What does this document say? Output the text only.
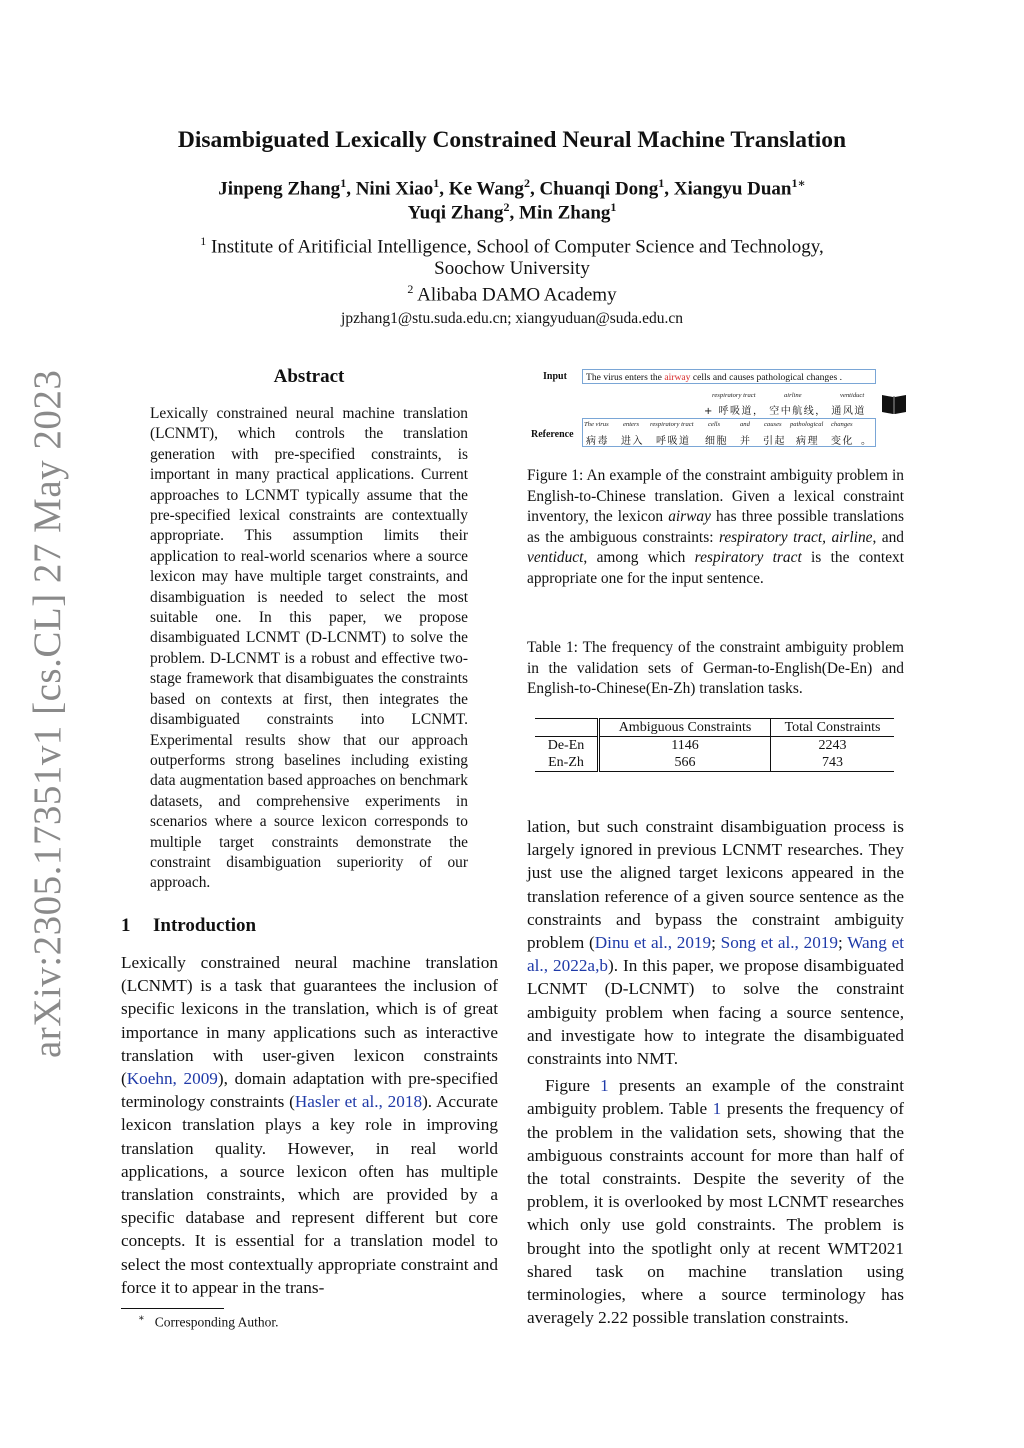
arXiv:2305.17351v1 [cs.CL] 27 May 2023
Disambiguated Lexically Constrained Neural Machine Translation
Jinpeng Zhang$^1$, Nini Xiao$^1$, Ke Wang$^2$, Chuanqi Dong$^1$, Xiangyu Duan$^{1∗}$
Yuqi Zhang$^2$, Min Zhang$^1$
$^1$ Institute of Aritificial Intelligence, School of Computer Science and Technology,
Soochow University
$^2$ Alibaba DAMO Academy
jpzhang1@stu.suda.edu.cn; xiangyuduan@suda.edu.cn
Abstract
Lexically constrained neural machine translation (LCNMT), which controls the translation generation with pre-specified constraints, is important in many practical applications. Current approaches to LCNMT typically assume that the pre-specified lexical constraints are contextually appropriate. This assumption limits their application to real-world scenarios where a source lexicon may have multiple target constraints, and disambiguation is needed to select the most suitable one. In this paper, we propose disambiguated LCNMT (D-LCNMT) to solve the problem. D-LCNMT is a robust and effective two-stage framework that disambiguates the constraints based on contexts at first, then integrates the disambiguated constraints into LCNMT. Experimental results show that our approach outperforms strong baselines including existing data augmentation based approaches on benchmark datasets, and comprehensive experiments in scenarios where a source lexicon corresponds to multiple target constraints demonstrate the constraint disambiguation superiority of our approach.
1 Introduction
Lexically constrained neural machine translation (LCNMT) is a task that guarantees the inclusion of specific lexicons in the translation, which is of great importance in many applications such as interactive translation with user-given lexicon constraints (Koehn, 2009), domain adaptation with pre-specified terminology constraints (Hasler et al., 2018). Accurate lexicon translation plays a key role in improving translation quality. However, in real world applications, a source lexicon often has multiple translation constraints, which are provided by a specific database and represent different but core concepts. It is essential for a translation model to select the most contextually appropriate constraint and force it to appear in the trans-
∗ Corresponding Author.
Input	The virus enters the airway cells and causes pathological changes .
respiratory tract	airline	ventiduct
+ 呼吸道， 空中航线， 通风道
Reference
The virus enters respiratory tract cells	and causes pathological changes
病毒 进入 呼吸道 细胞 并 引起 病理 变化 。
Figure 1: An example of the constraint ambiguity problem in English-to-Chinese translation. Given a lexical constraint inventory, the lexicon airway has three possible translations as the ambiguous constraints: respiratory tract, airline, and ventiduct, among which respiratory tract is the context appropriate one for the input sentence.
Table 1: The frequency of the constraint ambiguity problem in the validation sets of German-to-English(De-En) and English-to-Chinese(En-Zh) translation tasks.
	Ambiguous Constraints	Total Constraints
De-En	1146	2243
En-Zh	566	743

lation, but such constraint disambiguation process is largely ignored in previous LCNMT researches. They just use the aligned target lexicons appeared in the translation reference of a given source sentence as the constraints and bypass the constraint ambiguity problem (Dinu et al., 2019; Song et al., 2019; Wang et al., 2022a,b). In this paper, we propose disambiguated LCNMT (D-LCNMT) to solve the constraint ambiguity problem when facing a source sentence, and investigate how to integrate the disambiguated constraints into NMT.

Figure 1 presents an example of the constraint ambiguity problem. Table 1 presents the frequency of the problem in the validation sets, showing that the ambiguous constraints account for more than half of the total constraints. Despite the severity of the problem, it is overlooked by most LCNMT researches which only use gold constraints. The problem is brought into the spotlight only at recent WMT2021 shared task on machine translation using terminologies, where a source terminology has averagely 2.22 possible translation constraints.
